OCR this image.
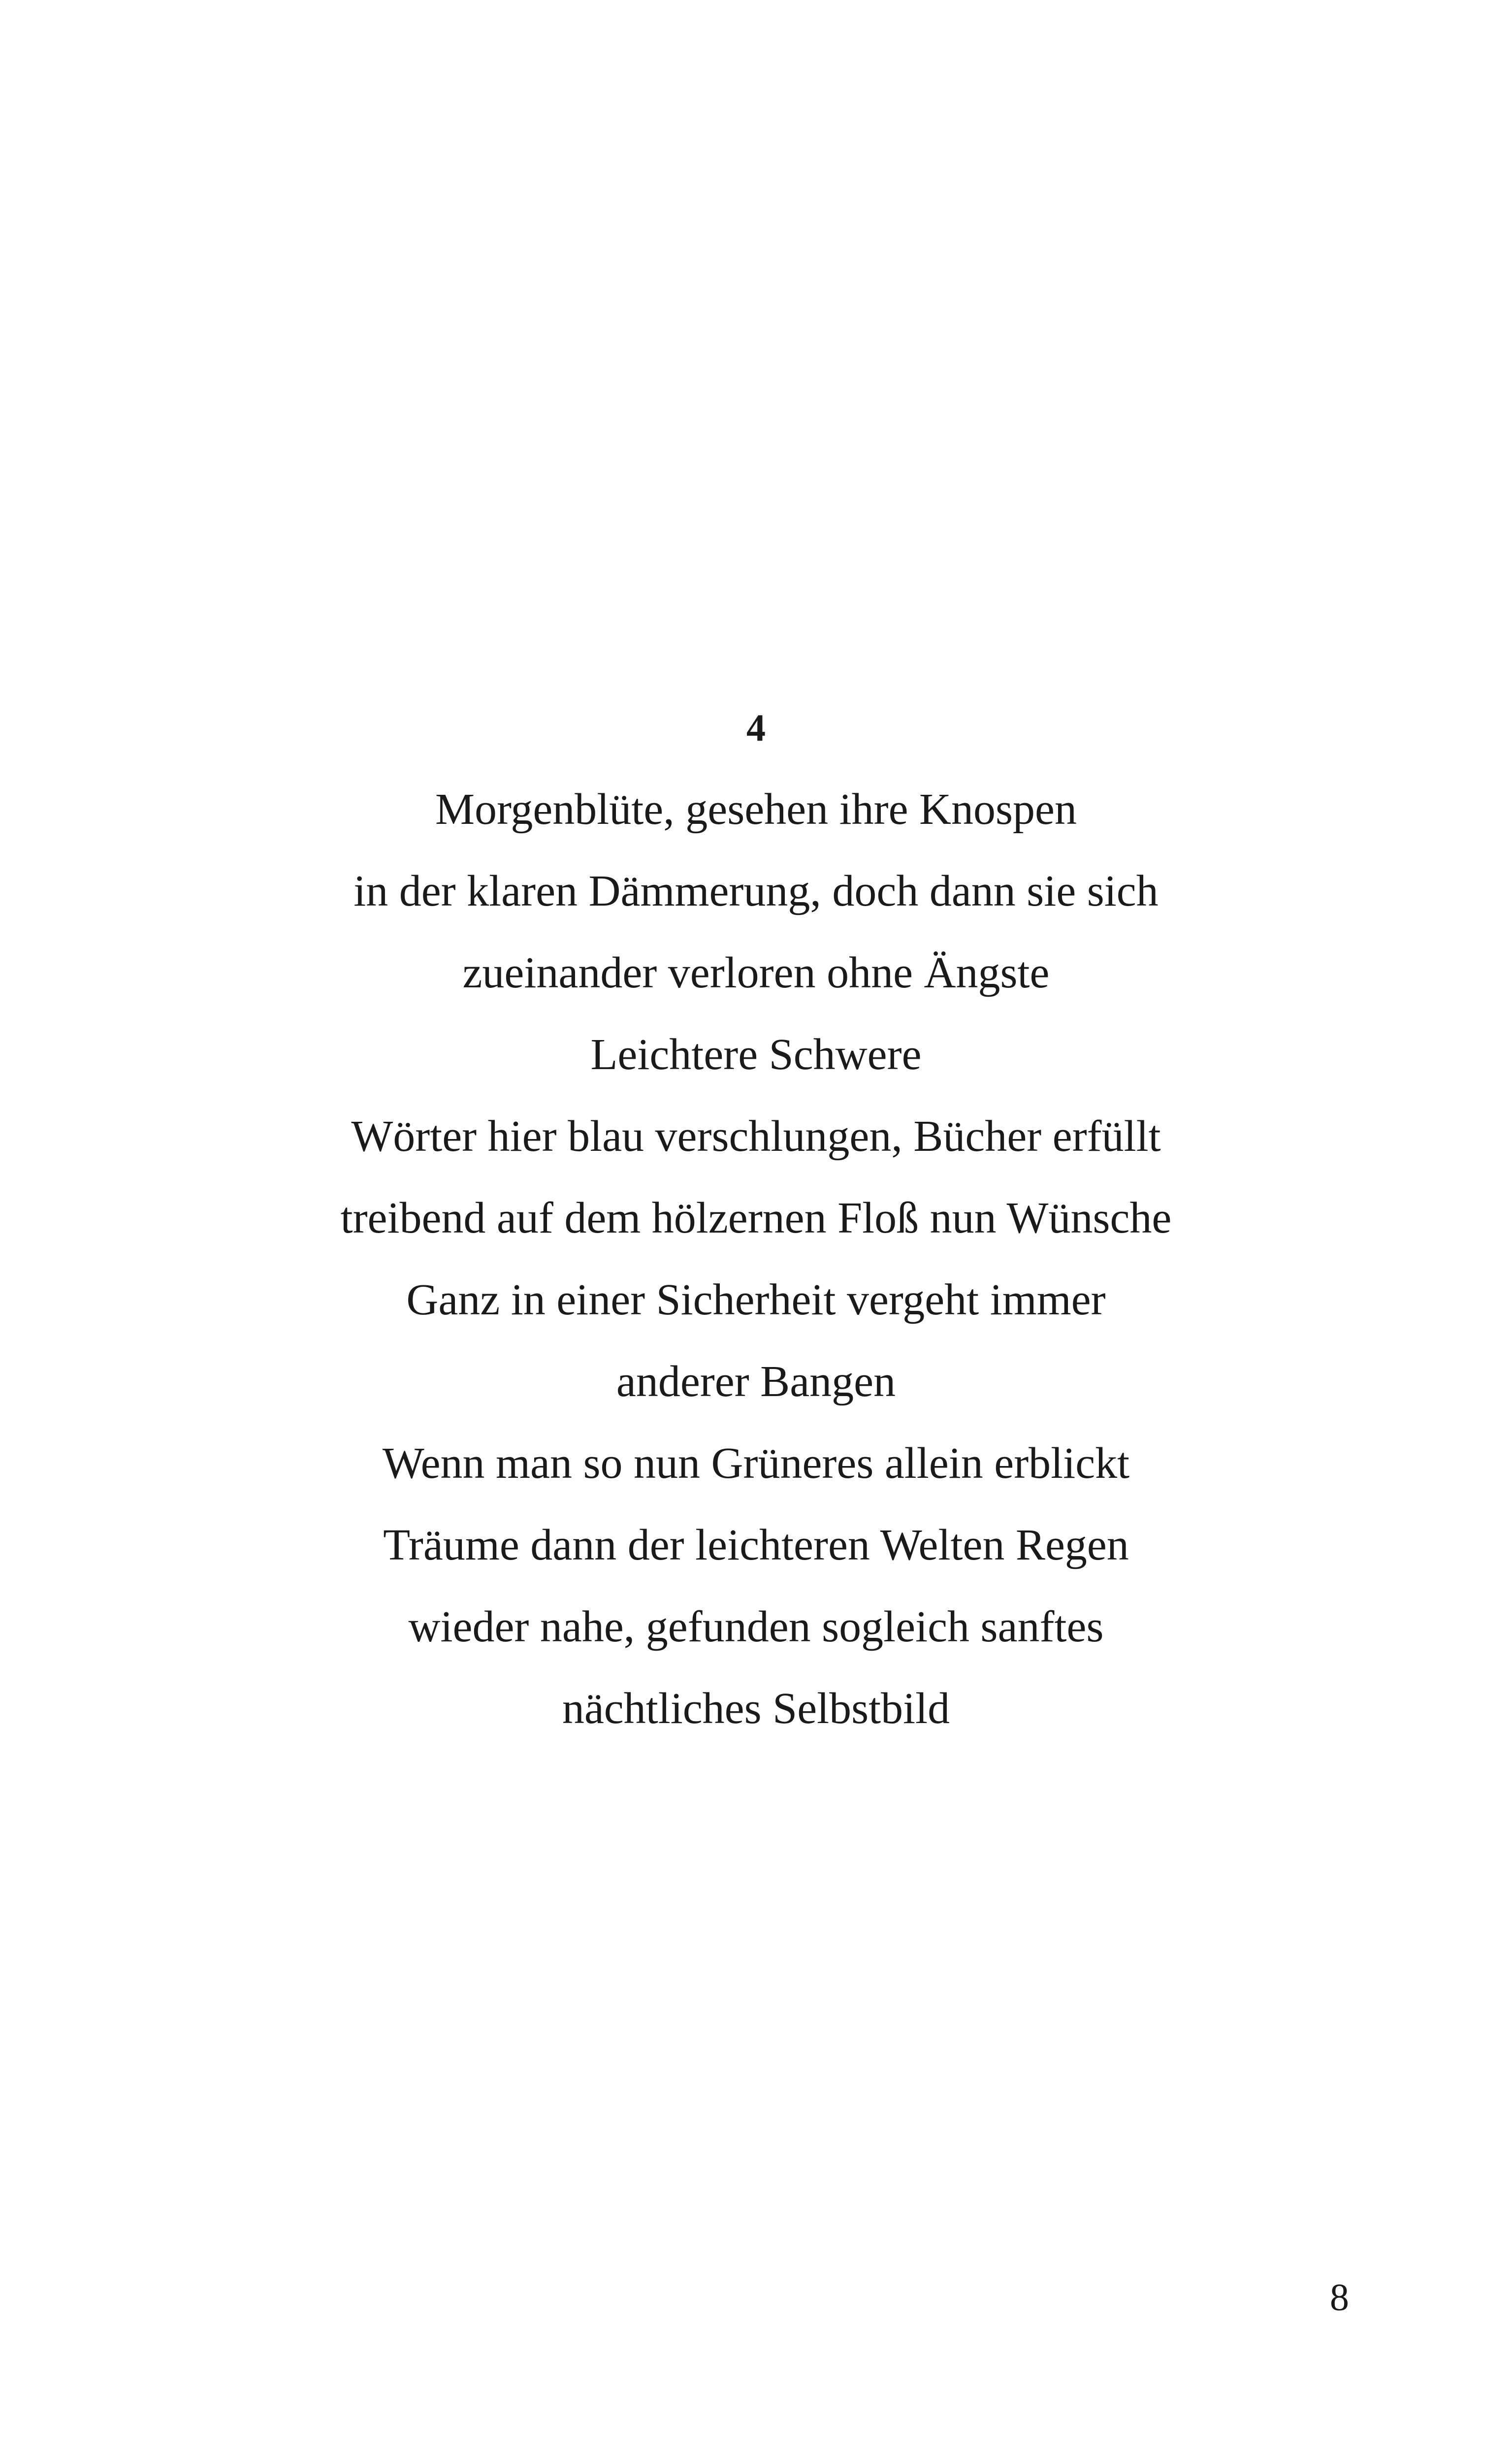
4

Morgenblüte, gesehen ihre Knospen
in der klaren Dämmerung, doch dann sie sich
zueinander verloren ohne Ängste
Leichtere Schwere
Wörter hier blau verschlungen, Bücher erfüllt
treibend auf dem hölzernen Floß nun Wünsche
Ganz in einer Sicherheit vergeht immer
anderer Bangen
Wenn man so nun Grüneres allein erblickt
Träume dann der leichteren Welten Regen
wieder nahe, gefunden sogleich sanftes
nächtliches Selbstbild
8
